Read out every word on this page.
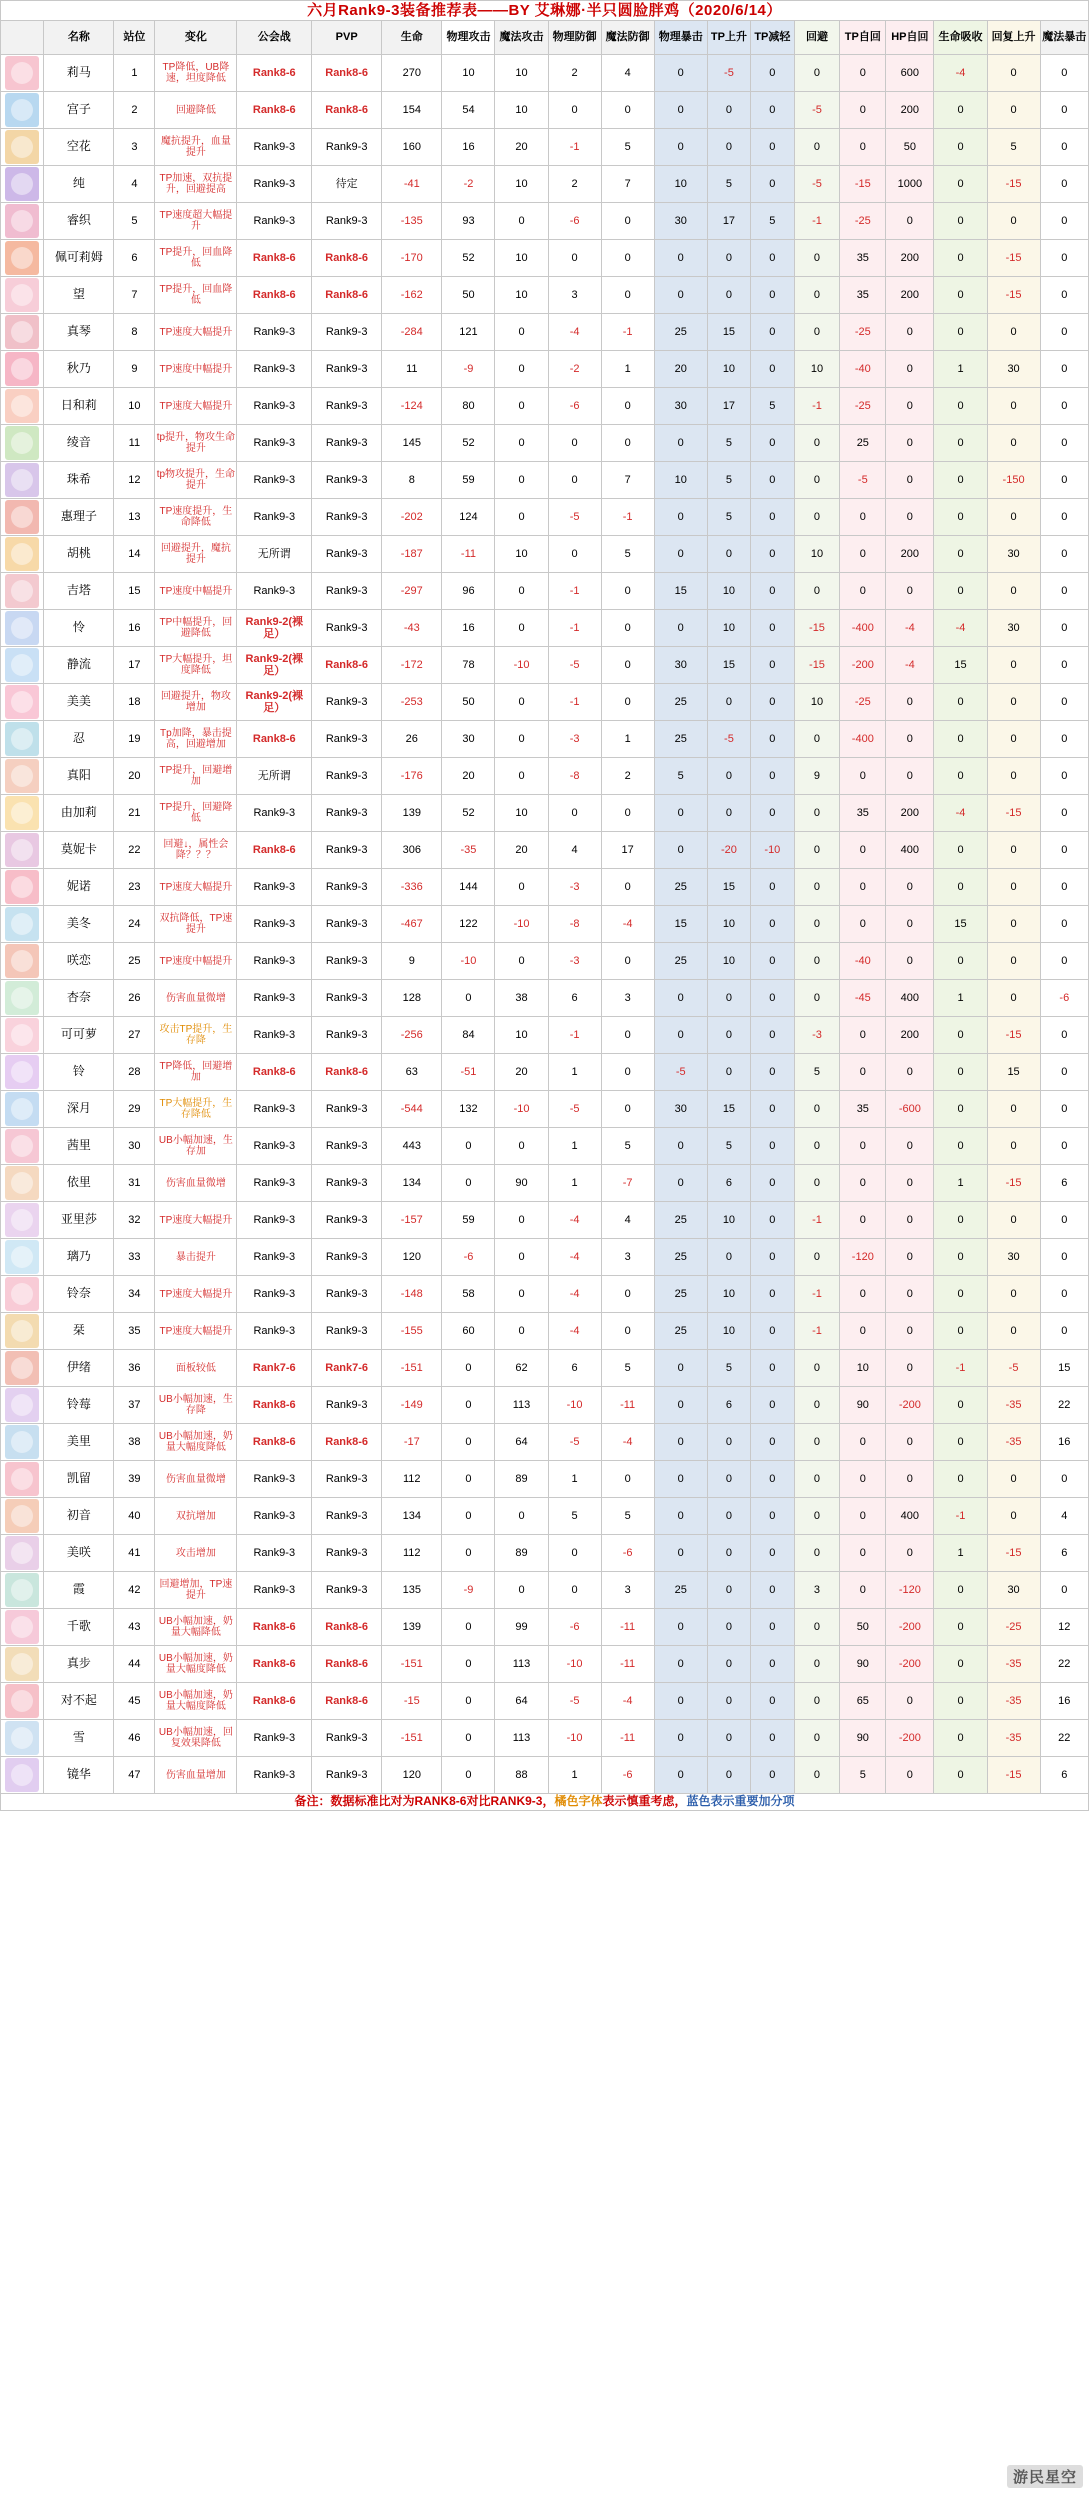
六月Rank9-3装备推荐表——BY 艾琳娜·半只圆脸胖鸡（2020/6/14）																			
	名称	站位	变化	公会战	PVP	生命	物理攻击	魔法攻击	物理防御	魔法防御	物理暴击	TP上升	TP减轻	回避	TP自回	HP自回	生命吸收	回复上升	魔法暴击

	莉马	1	TP降低，UB降速，坦度降低	Rank8-6	Rank8-6	270	10	10	2	4	0	-5	0	0	0	600	-4	0	0

	宫子	2	回避降低	Rank8-6	Rank8-6	154	54	10	0	0	0	0	0	-5	0	200	0	0	0

	空花	3	魔抗提升，血量提升	Rank9-3	Rank9-3	160	16	20	-1	5	0	0	0	0	0	50	0	5	0

	纯	4	TP加速，双抗提升，回避提高	Rank9-3	待定	-41	-2	10	2	7	10	5	0	-5	-15	1000	0	-15	0

	睿织	5	TP速度超大幅提升	Rank9-3	Rank9-3	-135	93	0	-6	0	30	17	5	-1	-25	0	0	0	0

	佩可莉姆	6	TP提升，回血降低	Rank8-6	Rank8-6	-170	52	10	0	0	0	0	0	0	35	200	0	-15	0

	望	7	TP提升，回血降低	Rank8-6	Rank8-6	-162	50	10	3	0	0	0	0	0	35	200	0	-15	0

	真琴	8	TP速度大幅提升	Rank9-3	Rank9-3	-284	121	0	-4	-1	25	15	0	0	-25	0	0	0	0

	秋乃	9	TP速度中幅提升	Rank9-3	Rank9-3	11	-9	0	-2	1	20	10	0	10	-40	0	1	30	0

	日和莉	10	TP速度大幅提升	Rank9-3	Rank9-3	-124	80	0	-6	0	30	17	5	-1	-25	0	0	0	0

	绫音	11	tp提升，物攻生命提升	Rank9-3	Rank9-3	145	52	0	0	0	0	5	0	0	25	0	0	0	0

	珠希	12	tp物攻提升，生命提升	Rank9-3	Rank9-3	8	59	0	0	7	10	5	0	0	-5	0	0	-150	0

	惠理子	13	TP速度提升，生命降低	Rank9-3	Rank9-3	-202	124	0	-5	-1	0	5	0	0	0	0	0	0	0

	胡桃	14	回避提升，魔抗提升	无所谓	Rank9-3	-187	-11	10	0	5	0	0	0	10	0	200	0	30	0

	吉塔	15	TP速度中幅提升	Rank9-3	Rank9-3	-297	96	0	-1	0	15	10	0	0	0	0	0	0	0

	怜	16	TP中幅提升，回避降低	Rank9-2(裸足）	Rank9-3	-43	16	0	-1	0	0	10	0	-15	-400	-4	-4	30	0

	静流	17	TP大幅提升，坦度降低	Rank9-2(裸足）	Rank8-6	-172	78	-10	-5	0	30	15	0	-15	-200	-4	15	0	0

	美美	18	回避提升，物攻增加	Rank9-2(裸足）	Rank9-3	-253	50	0	-1	0	25	0	0	10	-25	0	0	0	0

	忍	19	Tp加降，暴击提高，回避增加	Rank8-6	Rank9-3	26	30	0	-3	1	25	-5	0	0	-400	0	0	0	0

	真阳	20	TP提升，回避增加	无所谓	Rank9-3	-176	20	0	-8	2	5	0	0	9	0	0	0	0	0

	由加莉	21	TP提升，回避降低	Rank9-3	Rank9-3	139	52	10	0	0	0	0	0	0	35	200	-4	-15	0

	莫妮卡	22	回避↓，属性会降？？？	Rank8-6	Rank9-3	306	-35	20	4	17	0	-20	-10	0	0	400	0	0	0

	妮诺	23	TP速度大幅提升	Rank9-3	Rank9-3	-336	144	0	-3	0	25	15	0	0	0	0	0	0	0

	美冬	24	双抗降低，TP速提升	Rank9-3	Rank9-3	-467	122	-10	-8	-4	15	10	0	0	0	0	15	0	0

	咲恋	25	TP速度中幅提升	Rank9-3	Rank9-3	9	-10	0	-3	0	25	10	0	0	-40	0	0	0	0

	杏奈	26	伤害血量微增	Rank9-3	Rank9-3	128	0	38	6	3	0	0	0	0	-45	400	1	0	-6

	可可萝	27	攻击TP提升，生存降	Rank9-3	Rank9-3	-256	84	10	-1	0	0	0	0	-3	0	200	0	-15	0

	铃	28	TP降低，回避增加	Rank8-6	Rank8-6	63	-51	20	1	0	-5	0	0	5	0	0	0	15	0

	深月	29	TP大幅提升，生存降低	Rank9-3	Rank9-3	-544	132	-10	-5	0	30	15	0	0	35	-600	0	0	0

	茜里	30	UB小幅加速，生存加	Rank9-3	Rank9-3	443	0	0	1	5	0	5	0	0	0	0	0	0	0

	依里	31	伤害血量微增	Rank9-3	Rank9-3	134	0	90	1	-7	0	6	0	0	0	0	1	-15	6

	亚里莎	32	TP速度大幅提升	Rank9-3	Rank9-3	-157	59	0	-4	4	25	10	0	-1	0	0	0	0	0

	璃乃	33	暴击提升	Rank9-3	Rank9-3	120	-6	0	-4	3	25	0	0	0	-120	0	0	30	0

	铃奈	34	TP速度大幅提升	Rank9-3	Rank9-3	-148	58	0	-4	0	25	10	0	-1	0	0	0	0	0

	栞	35	TP速度大幅提升	Rank9-3	Rank9-3	-155	60	0	-4	0	25	10	0	-1	0	0	0	0	0

	伊绪	36	面板较低	Rank7-6	Rank7-6	-151	0	62	6	5	0	5	0	0	10	0	-1	-5	15

	铃莓	37	UB小幅加速，生存降	Rank8-6	Rank9-3	-149	0	113	-10	-11	0	6	0	0	90	-200	0	-35	22

	美里	38	UB小幅加速，奶量大幅度降低	Rank8-6	Rank8-6	-17	0	64	-5	-4	0	0	0	0	0	0	0	-35	16

	凯留	39	伤害血量微增	Rank9-3	Rank9-3	112	0	89	1	0	0	0	0	0	0	0	0	0	0

	初音	40	双抗增加	Rank9-3	Rank9-3	134	0	0	5	5	0	0	0	0	0	400	-1	0	4

	美咲	41	攻击增加	Rank9-3	Rank9-3	112	0	89	0	-6	0	0	0	0	0	0	1	-15	6

	霞	42	回避增加，TP速提升	Rank9-3	Rank9-3	135	-9	0	0	3	25	0	0	3	0	-120	0	30	0

	千歌	43	UB小幅加速，奶量大幅降低	Rank8-6	Rank8-6	139	0	99	-6	-11	0	0	0	0	50	-200	0	-25	12

	真步	44	UB小幅加速，奶量大幅度降低	Rank8-6	Rank8-6	-151	0	113	-10	-11	0	0	0	0	90	-200	0	-35	22

	对不起	45	UB小幅加速，奶量大幅度降低	Rank8-6	Rank8-6	-15	0	64	-5	-4	0	0	0	0	65	0	0	-35	16

	雪	46	UB小幅加速，回复效果降低	Rank9-3	Rank9-3	-151	0	113	-10	-11	0	0	0	0	90	-200	0	-35	22

	镜华	47	伤害血量增加	Rank9-3	Rank9-3	120	0	88	1	-6	0	0	0	0	5	0	0	-15	6
备注：数据标准比对为RANK8-6对比RANK9-3，橘色字体表示慎重考虑，蓝色表示重要加分项																			
游民星空
